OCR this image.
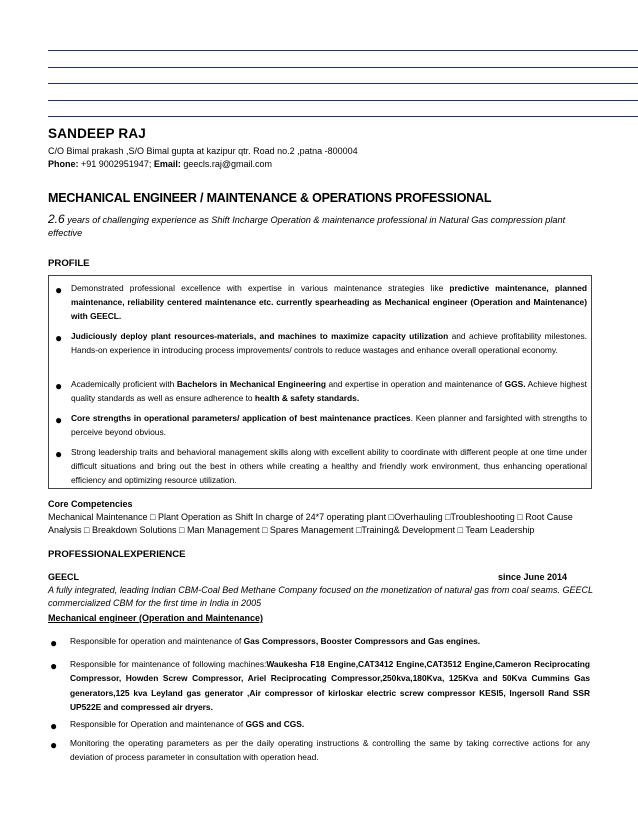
SANDEEP RAJ
C/O Bimal prakash ,S/O Bimal gupta at kazipur qtr. Road no.2 ,patna -800004
Phone: +91 9002951947; Email: geecls.raj@gmail.com
MECHANICAL ENGINEER / MAINTENANCE & OPERATIONS PROFESSIONAL
2.6 years of challenging experience as Shift Incharge Operation & maintenance professional in Natural Gas compression plant effective
PROFILE
● Demonstrated professional excellence with expertise in various maintenance strategies like predictive maintenance, planned maintenance, reliability centered maintenance etc. currently spearheading as Mechanical engineer (Operation and Maintenance) with GEECL.
● Judiciously deploy plant resources-materials, and machines to maximize capacity utilization and achieve profitability milestones. Hands-on experience in introducing process improvements/ controls to reduce wastages and enhance overall operational economy.
● Academically proficient with Bachelors in Mechanical Engineering and expertise in operation and maintenance of GGS. Achieve highest quality standards as well as ensure adherence to health & safety standards.
● Core strengths in operational parameters/ application of best maintenance practices. Keen planner and farsighted with strengths to perceive beyond obvious.
● Strong leadership traits and behavioral management skills along with excellent ability to coordinate with different people at one time under difficult situations and bring out the best in others while creating a healthy and friendly work environment, thus enhancing operational efficiency and optimizing resource utilization.
Core Competencies
Mechanical Maintenance □ Plant Operation as Shift In charge of 24*7 operating plant □Overhauling □Troubleshooting □ Root Cause Analysis □ Breakdown Solutions □ Man Management □ Spares Management □Training& Development □ Team Leadership
PROFESSIONALEXPERIENCE
GEECL	since June 2014
A fully integrated, leading Indian CBM-Coal Bed Methane Company focused on the monetization of natural gas from coal seams. GEECL commercialized CBM for the first time in India in 2005
Mechanical engineer (Operation and Maintenance)
● Responsible for operation and maintenance of Gas Compressors, Booster Compressors and Gas engines.
● Responsible for maintenance of following machines:Waukesha F18 Engine,CAT3412 Engine,CAT3512 Engine,Cameron Reciprocating Compressor, Howden Screw Compressor, Ariel Reciprocating Compressor,250kva,180Kva, 125Kva and 50Kva Cummins Gas generators,125 kva Leyland gas generator ,Air compressor of kirloskar electric screw compressor KESI5, Ingersoll Rand SSR UP522E and compressed air dryers.
● Responsible for Operation and maintenance of GGS and CGS.
● Monitoring the operating parameters as per the daily operating instructions & controlling the same by taking corrective actions for any deviation of process parameter in consultation with operation head.
